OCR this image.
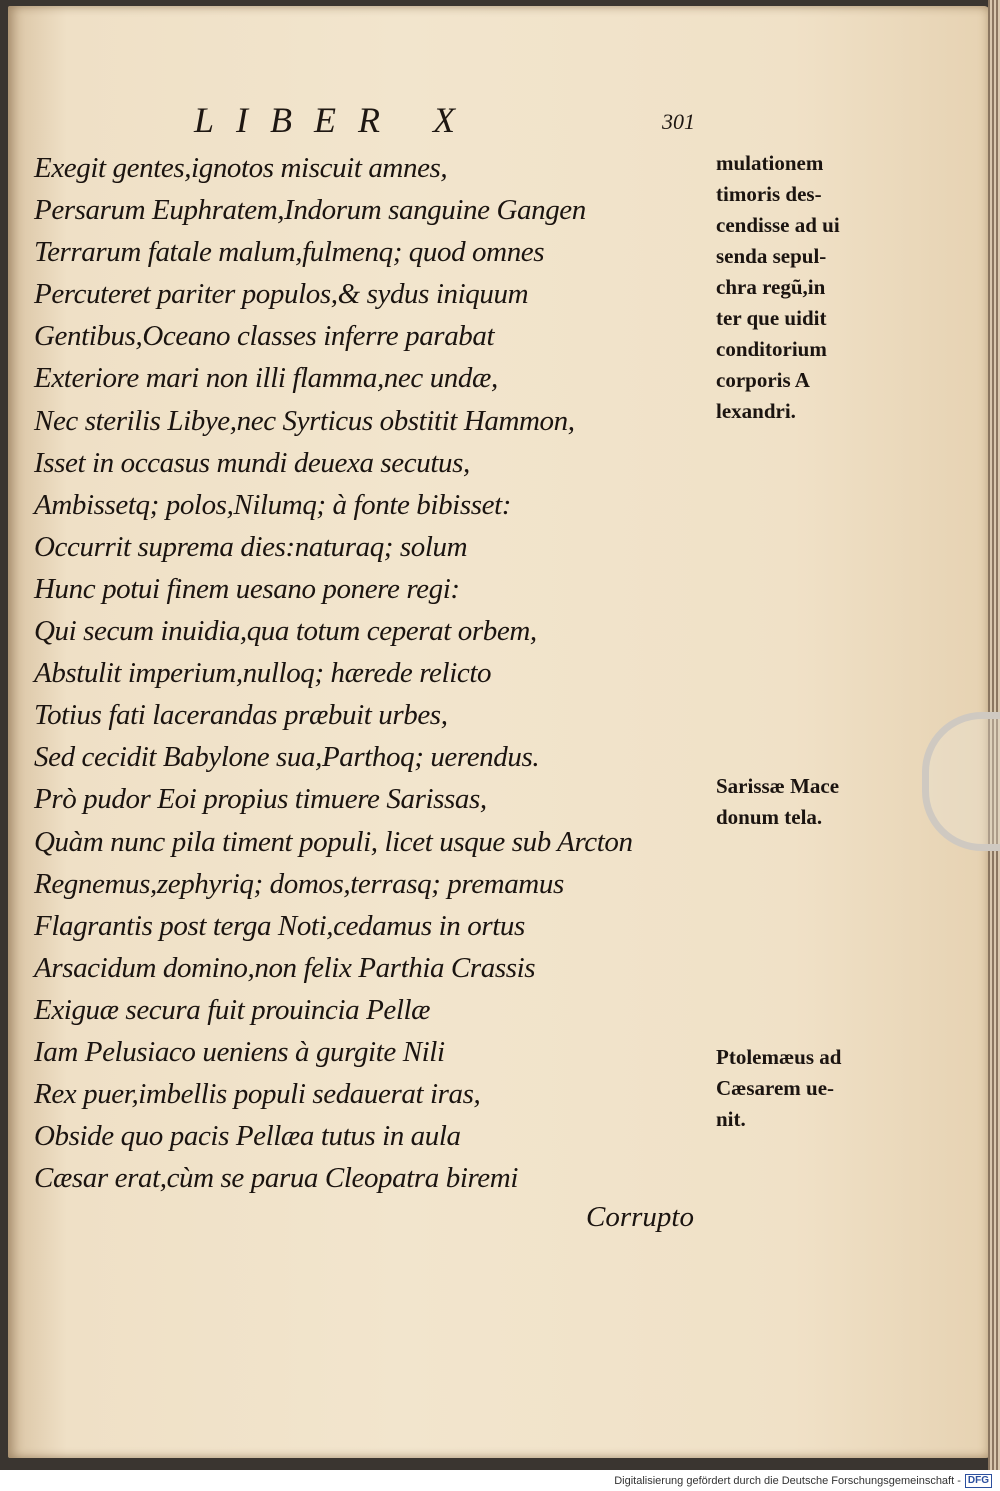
LIBER X	301
Exegit gentes,ignotos miscuit amnes,
Persarum Euphratem,Indorum sanguine Gangen
Terrarum fatale malum,fulmenq; quod omnes
Percuteret pariter populos,& sydus iniquum
Gentibus,Oceano classes inferre parabat
Exteriore mari non illi flamma,nec undæ,
Nec sterilis Libye,nec Syrticus obstitit Hammon,
Isset in occasus mundi deuexa secutus,
Ambissetq; polos,Nilumq; à fonte bibisset:
Occurrit suprema dies:naturaq; solum
Hunc potui finem uesano ponere regi:
Qui secum inuidia,qua totum ceperat orbem,
Abstulit imperium,nulloq; hærede relicto
Totius fati lacerandas præbuit urbes,
Sed cecidit Babylone sua,Parthoq; uerendus.
Prò pudor Eoi propius timuere Sarissas,
Quàm nunc pila timent populi, licet usque sub Arcton
Regnemus,zephyriq; domos,terrasq; premamus
Flagrantis post terga Noti,cedamus in ortus
Arsacidum domino,non felix Parthia Crassis
Exiguæ secura fuit prouincia Pellæ
Iam Pelusiaco ueniens à gurgite Nili
Rex puer,imbellis populi sedauerat iras,
Obside quo pacis Pellæa tutus in aula
Cæsar erat,cùm se parua Cleopatra biremi

mulationem
timoris des-
cendisse ad ui
senda sepul-
chra regũ,in
ter que uidit
conditorium
corporis A
lexandri.

Sarissæ Mace
donum tela.

Ptolemæus ad
Cæsarem ue-
nit.

Corrupto
Digitalisierung gefördert durch die Deutsche Forschungsgemeinschaft - DFG
